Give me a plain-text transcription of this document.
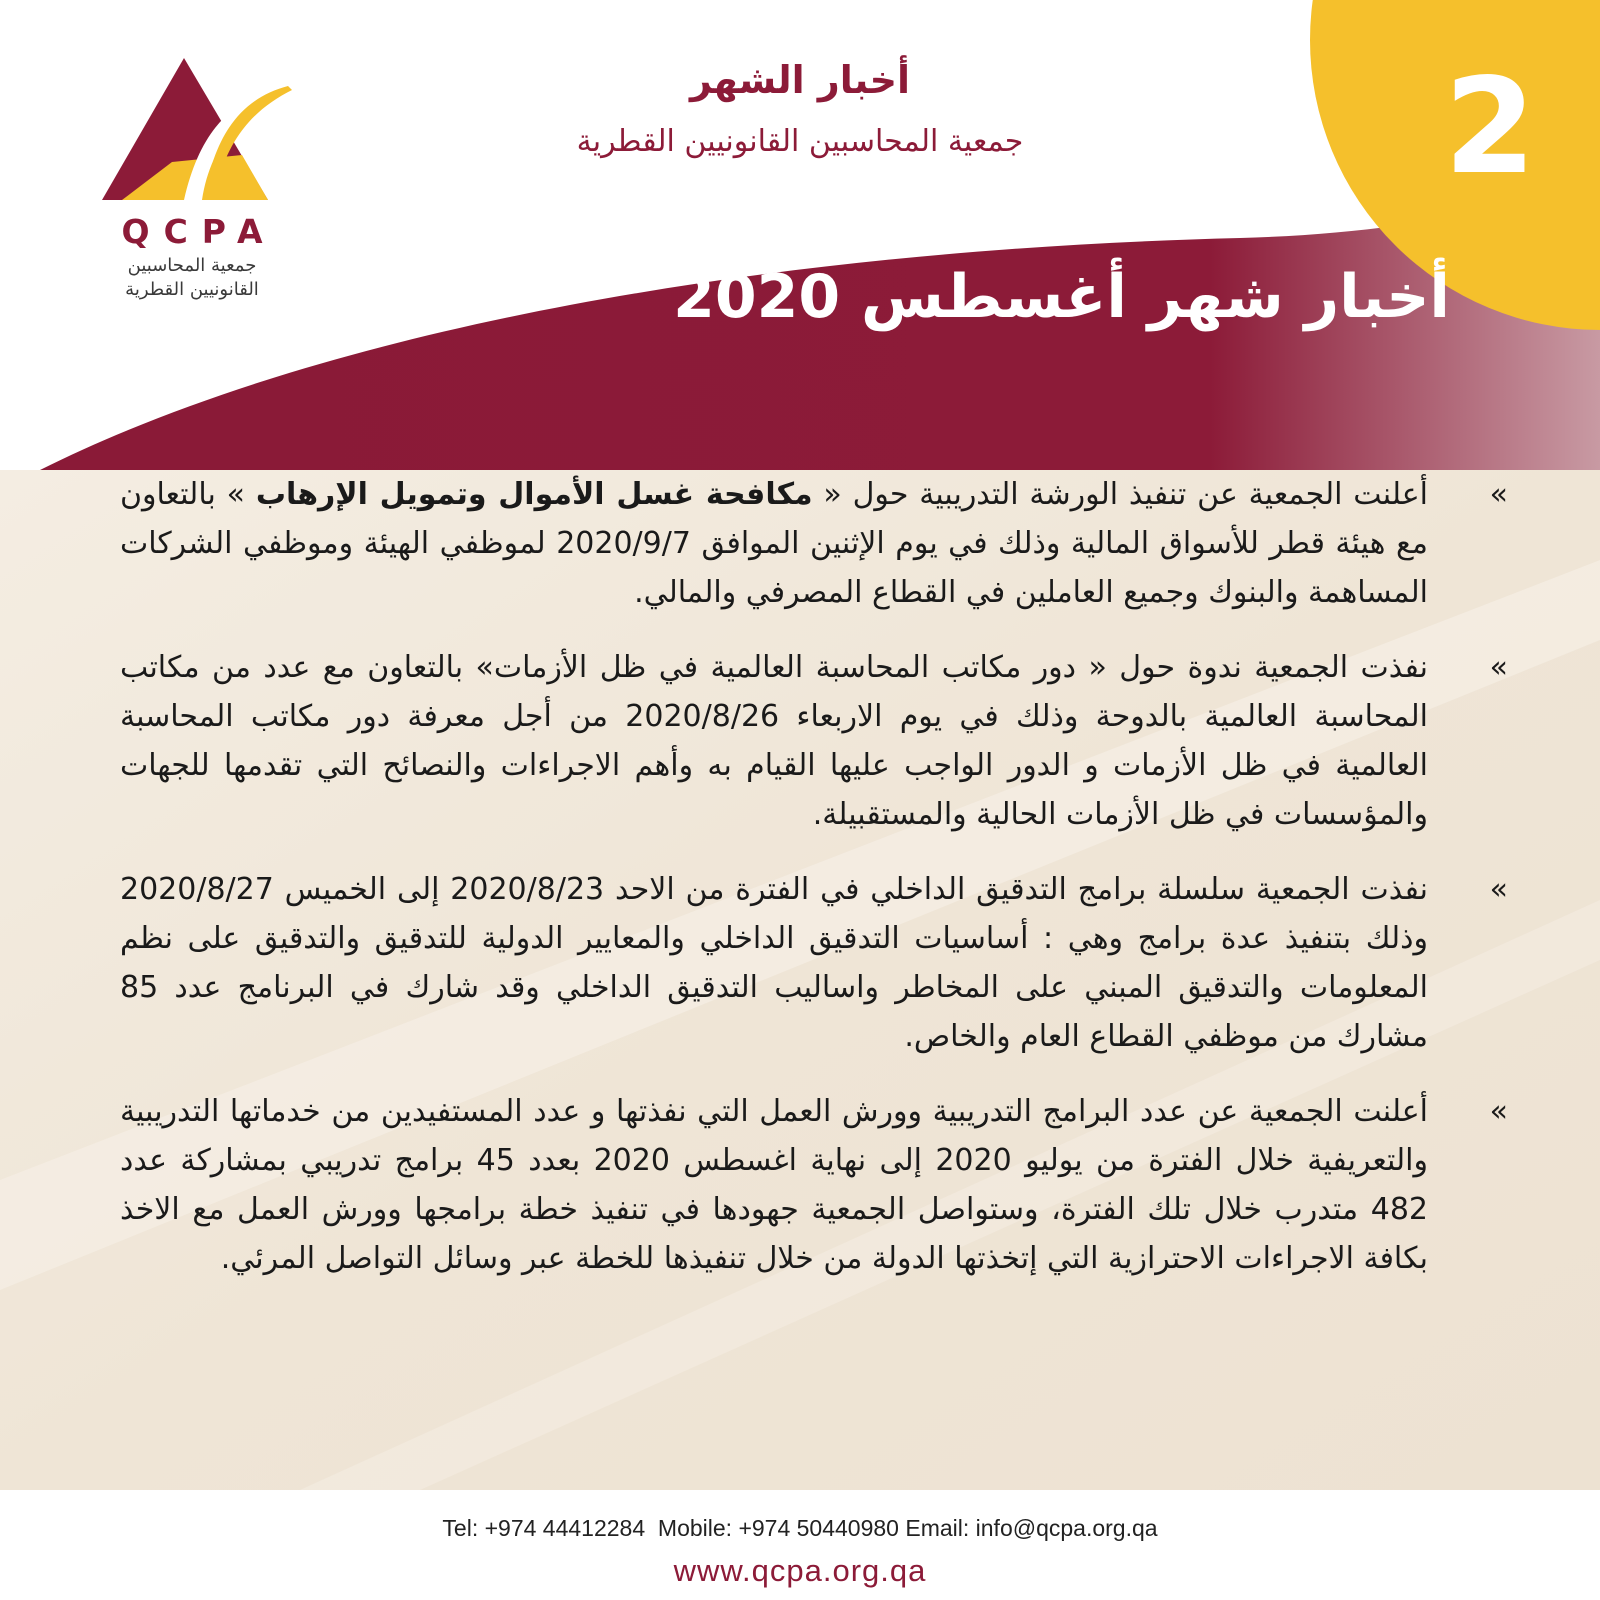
QCPA
جمعية المحاسبين
القانونيين القطرية
أخبار الشهر
جمعية المحاسبين القانونيين القطرية	2
أخبار شهر أغسطس 2020
»
أعلنت الجمعية عن تنفيذ الورشة التدريبية حول « مكافحة غسل الأموال وتمويل الإرهاب » بالتعاون مع هيئة قطر للأسواق المالية وذلك في يوم الإثنين الموافق 2020/9/7 لموظفي الهيئة وموظفي الشركات المساهمة والبنوك وجميع العاملين في القطاع المصرفي والمالي.
»
نفذت الجمعية ندوة حول « دور مكاتب المحاسبة العالمية في ظل الأزمات» بالتعاون مع عدد من مكاتب المحاسبة العالمية بالدوحة وذلك في يوم الاربعاء 2020/8/26 من أجل معرفة دور مكاتب المحاسبة العالمية في ظل الأزمات و الدور الواجب عليها القيام به وأهم الاجراءات والنصائح التي تقدمها للجهات والمؤسسات في ظل الأزمات الحالية والمستقبيلة.
»
نفذت الجمعية سلسلة برامج التدقيق الداخلي في الفترة من الاحد 2020/8/23 إلى الخميس 2020/8/27 وذلك بتنفيذ عدة برامج وهي : أساسيات التدقيق الداخلي والمعايير الدولية للتدقيق والتدقيق على نظم المعلومات والتدقيق المبني على المخاطر واساليب التدقيق الداخلي وقد شارك في البرنامج عدد 85 مشارك من موظفي القطاع العام والخاص.
»
أعلنت الجمعية عن عدد البرامج التدريبية وورش العمل التي نفذتها و عدد المستفيدين من خدماتها التدريبية والتعريفية خلال الفترة من يوليو 2020 إلى نهاية اغسطس 2020 بعدد 45 برامج تدريبي بمشاركة عدد 482 متدرب خلال تلك الفترة، وستواصل الجمعية جهودها في تنفيذ خطة برامجها وورش العمل مع الاخذ بكافة الاجراءات الاحترازية التي إتخذتها الدولة من خلال تنفيذها للخطة عبر وسائل التواصل المرئي.
Tel: +974 44412284  Mobile: +974 50440980 Email: info@qcpa.org.qa
www.qcpa.org.qa
